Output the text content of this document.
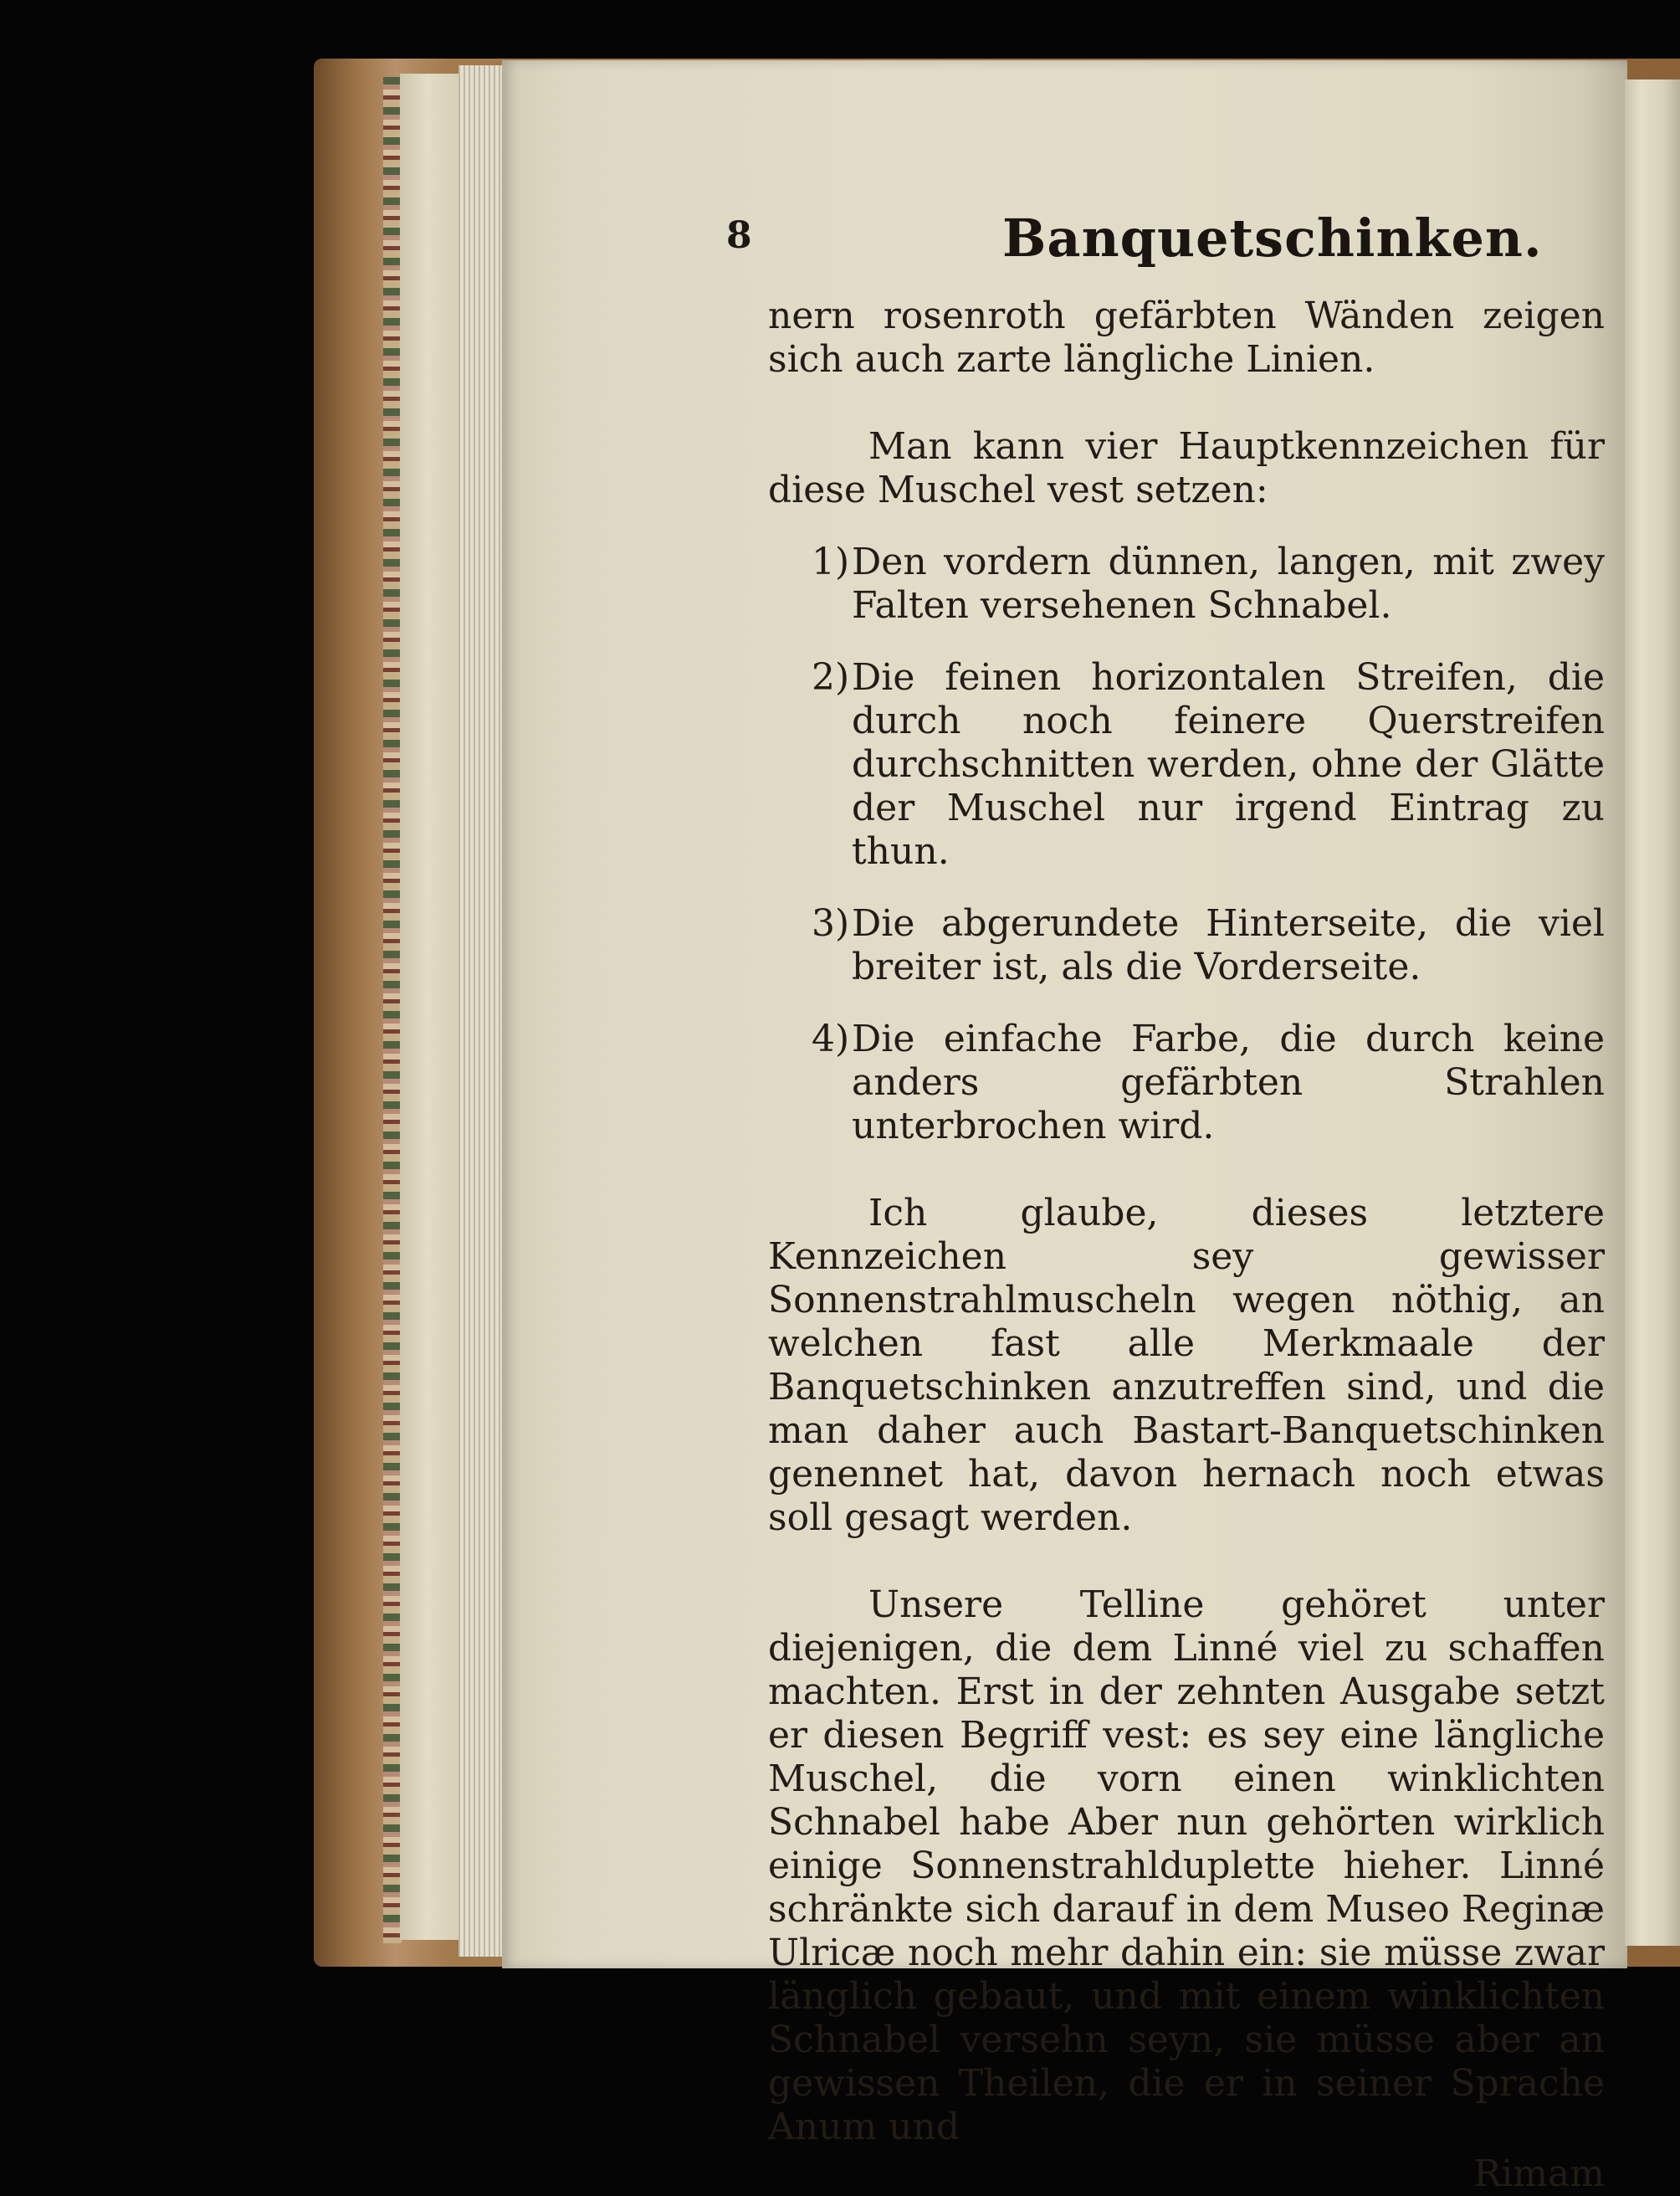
8	Banquetschinken.

nern rosenroth gefärbten Wänden zeigen sich auch zarte längliche Linien.

Man kann vier Hauptkennzeichen für diese Muschel vest setzen:

1) Den vordern dünnen, langen, mit zwey Falten versehenen Schnabel.
2) Die feinen horizontalen Streifen, die durch noch feinere Querstreifen durchschnitten werden, ohne der Glätte der Muschel nur irgend Eintrag zu thun.
3) Die abgerundete Hinterseite, die viel breiter ist, als die Vorderseite.
4) Die einfache Farbe, die durch keine anders gefärbten Strahlen unterbrochen wird.

Ich glaube, dieses letztere Kennzeichen sey gewisser Sonnenstrahlmuscheln wegen nöthig, an welchen fast alle Merkmaale der Banquetschinken anzutreffen sind, und die man daher auch Bastart-Banquetschinken genennet hat, davon hernach noch etwas soll gesagt werden.

Unsere Telline gehöret unter diejenigen, die dem Linné viel zu schaffen machten. Erst in der zehnten Ausgabe setzt er diesen Begriff vest: es sey eine längliche Muschel, die vorn einen winklichten Schnabel habe Aber nun gehörten wirklich einige Sonnenstrahlduplette hieher. Linné schränkte sich darauf in dem Museo Reginæ Ulricæ noch mehr dahin ein: sie müsse zwar länglich gebaut, und mit einem winklichten Schnabel versehn seyn, sie müsse aber an gewissen Theilen, die er in seiner Sprache Anum und

Rimam
